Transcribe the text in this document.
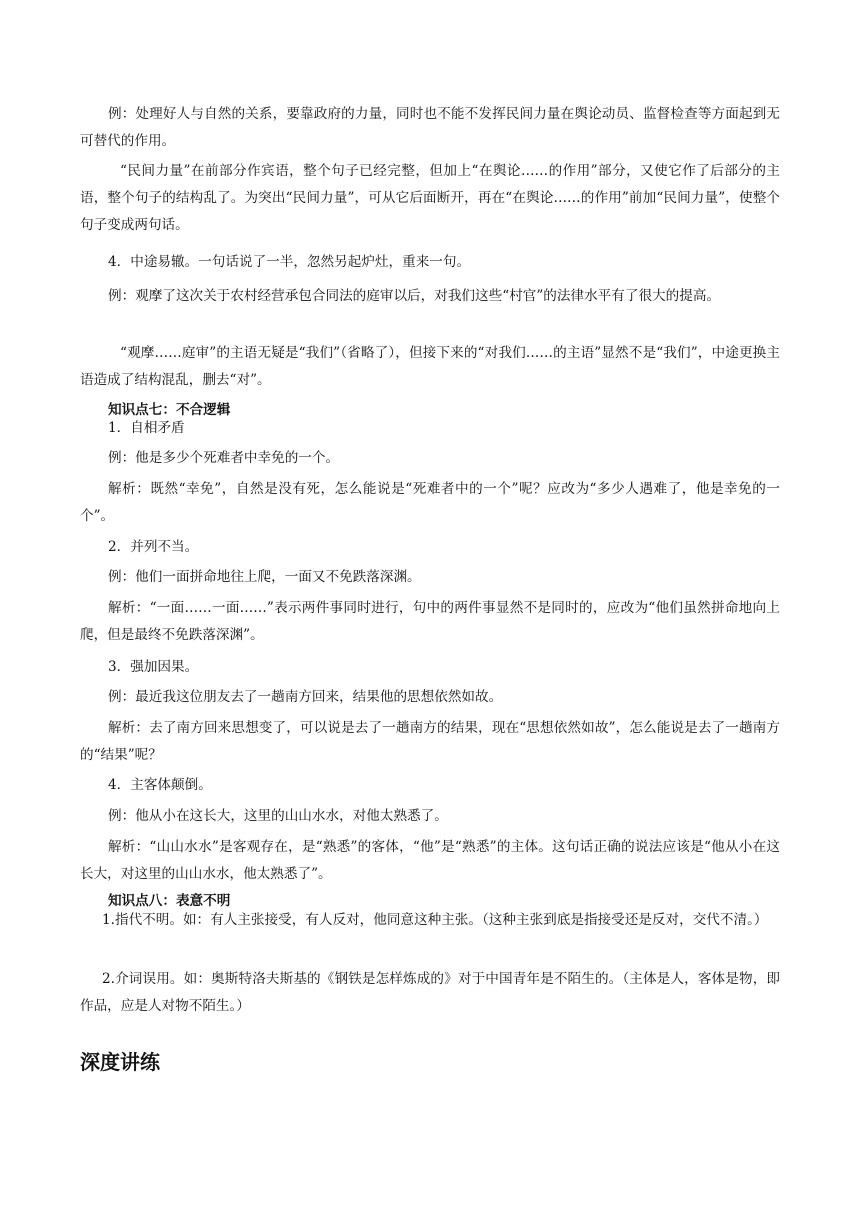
例：处理好人与自然的关系，要靠政府的力量，同时也不能不发挥民间力量在舆论动员、监督检查等方面起到无可替代的作用。

“民间力量”在前部分作宾语，整个句子已经完整，但加上“在舆论……的作用”部分，又使它作了后部分的主语，整个句子的结构乱了。为突出“民间力量”，可从它后面断开，再在“在舆论……的作用”前加“民间力量”，使整个句子变成两句话。

4．中途易辙。一句话说了一半，忽然另起炉灶，重来一句。

例：观摩了这次关于农村经营承包合同法的庭审以后，对我们这些“村官”的法律水平有了很大的提高。

“观摩……庭审”的主语无疑是“我们”（省略了），但接下来的“对我们……的主语”显然不是“我们”，中途更换主语造成了结构混乱，删去“对”。

知识点七：不合逻辑

1．自相矛盾

例：他是多少个死难者中幸免的一个。

解析：既然“幸免”，自然是没有死，怎么能说是“死难者中的一个”呢？应改为“多少人遇难了，他是幸免的一个”。

2．并列不当。

例：他们一面拼命地往上爬，一面又不免跌落深渊。

解析：“一面……一面……”表示两件事同时进行，句中的两件事显然不是同时的，应改为“他们虽然拼命地向上爬，但是最终不免跌落深渊”。

3．强加因果。

例：最近我这位朋友去了一趟南方回来，结果他的思想依然如故。

解析：去了南方回来思想变了，可以说是去了一趟南方的结果，现在“思想依然如故”，怎么能说是去了一趟南方的“结果”呢？

4．主客体颠倒。

例：他从小在这长大，这里的山山水水，对他太熟悉了。

解析：“山山水水”是客观存在，是“熟悉”的客体，“他”是“熟悉”的主体。这句话正确的说法应该是“他从小在这长大，对这里的山山水水，他太熟悉了”。

知识点八：表意不明

1.指代不明。如：有人主张接受，有人反对，他同意这种主张。（这种主张到底是指接受还是反对，交代不清。）

2.介词误用。如：奥斯特洛夫斯基的《钢铁是怎样炼成的》对于中国青年是不陌生的。（主体是人，客体是物，即作品，应是人对物不陌生。）

深度讲练
